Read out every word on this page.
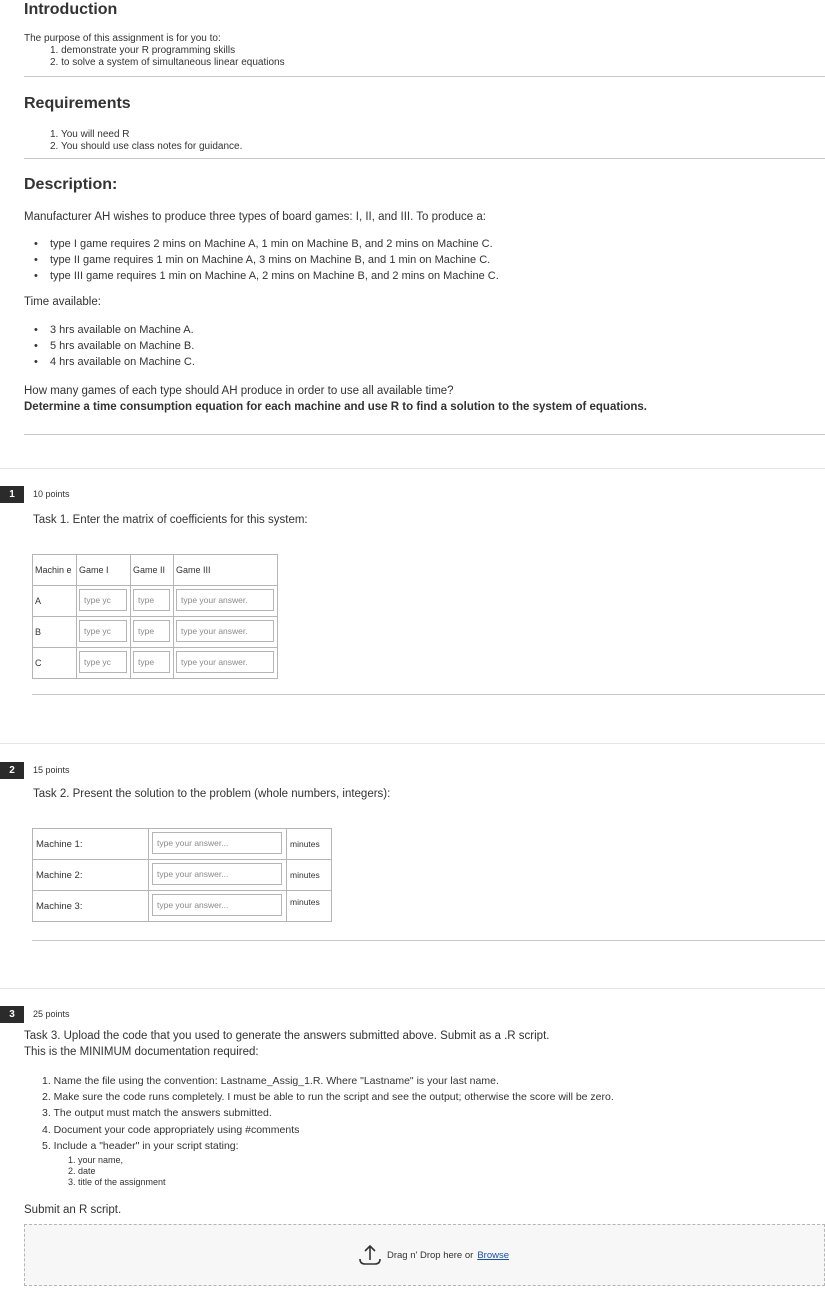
Introduction
The purpose of this assignment is for you to:
1. demonstrate your R programming skills
2. to solve a system of simultaneous linear equations
Requirements
1. You will need R
2. You should use class notes for guidance.
Description:
Manufacturer AH wishes to produce three types of board games: I, II, and III. To produce a:
• type I game requires 2 mins on Machine A, 1 min on Machine B, and 2 mins on Machine C.
• type II game requires 1 min on Machine A, 3 mins on Machine B, and 1 min on Machine C.
• type III game requires 1 min on Machine A, 2 mins on Machine B, and 2 mins on Machine C.
Time available:
• 3 hrs available on Machine A.
• 5 hrs available on Machine B.
• 4 hrs available on Machine C.
How many games of each type should AH produce in order to use all available time?
Determine a time consumption equation for each machine and use R to find a solution to the system of equations.
1	10 points
Task 1. Enter the matrix of coefficients for this system:
Machin e	Game I	Game II	Game III
A	type yc	type	type your answer.
B	type yc	type	type your answer.
C	type yc	type	type your answer.
2	15 points
Task 2. Present the solution to the problem (whole numbers, integers):
Machine 1:	type your answer...	minutes
Machine 2:	type your answer...	minutes
Machine 3:	type your answer...	minutes
3	25 points
Task 3. Upload the code that you used to generate the answers submitted above. Submit as a .R script.
This is the MINIMUM documentation required:
1. Name the file using the convention: Lastname_Assig_1.R. Where "Lastname" is your last name.
2. Make sure the code runs completely. I must be able to run the script and see the output; otherwise the score will be zero.
3. The output must match the answers submitted.
4. Document your code appropriately using #comments
5. Include a "header" in your script stating:
1. your name,
2. date
3. title of the assignment
Submit an R script.
Drag n' Drop here or Browse
